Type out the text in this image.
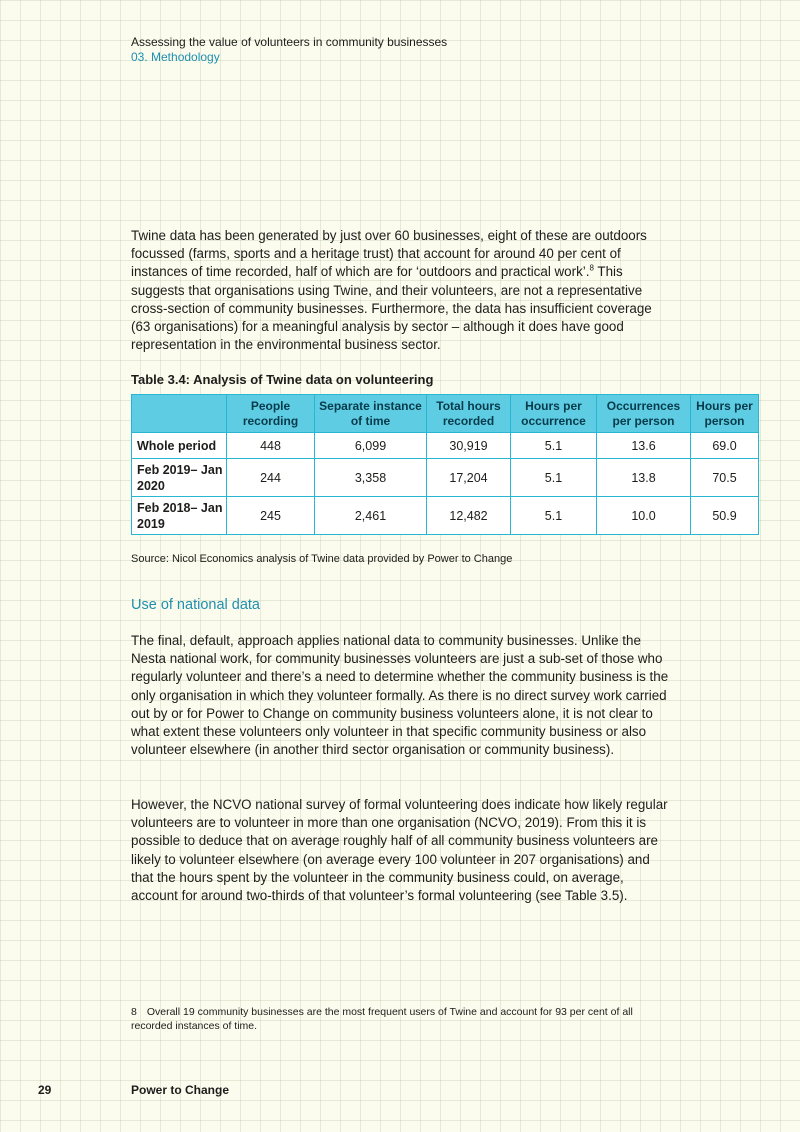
Assessing the value of volunteers in community businesses
03. Methodology

Twine data has been generated by just over 60 businesses, eight of these are outdoors focussed (farms, sports and a heritage trust) that account for around 40 per cent of instances of time recorded, half of which are for ‘outdoors and practical work’.$^8$ This suggests that organisations using Twine, and their volunteers, are not a representative cross-section of community businesses. Furthermore, the data has insufficient coverage (63 organisations) for a meaningful analysis by sector – although it does have good representation in the environmental business sector.

Table 3.4: Analysis of Twine data on volunteering
	People recording	Separate instance of time	Total hours recorded	Hours per occurrence	Occurrences per person	Hours per person
Whole period	448	6,099	30,919	5.1	13.6	69.0
Feb 2019– Jan 2020	244	3,358	17,204	5.1	13.8	70.5
Feb 2018– Jan 2019	245	2,461	12,482	5.1	10.0	50.9
Source: Nicol Economics analysis of Twine data provided by Power to Change
Use of national data

The final, default, approach applies national data to community businesses. Unlike the Nesta national work, for community businesses volunteers are just a sub-set of those who regularly volunteer and there’s a need to determine whether the community business is the only organisation in which they volunteer formally. As there is no direct survey work carried out by or for Power to Change on community business volunteers alone, it is not clear to what extent these volunteers only volunteer in that specific community business or also volunteer elsewhere (in another third sector organisation or community business).

However, the NCVO national survey of formal volunteering does indicate how likely regular volunteers are to volunteer in more than one organisation (NCVO, 2019). From this it is possible to deduce that on average roughly half of all community business volunteers are likely to volunteer elsewhere (on average every 100 volunteer in 207 organisations) and that the hours spent by the volunteer in the community business could, on average, account for around two-thirds of that volunteer’s formal volunteering (see Table 3.5).

8 Overall 19 community businesses are the most frequent users of Twine and account for 93 per cent of all recorded instances of time.
29	Power to Change
